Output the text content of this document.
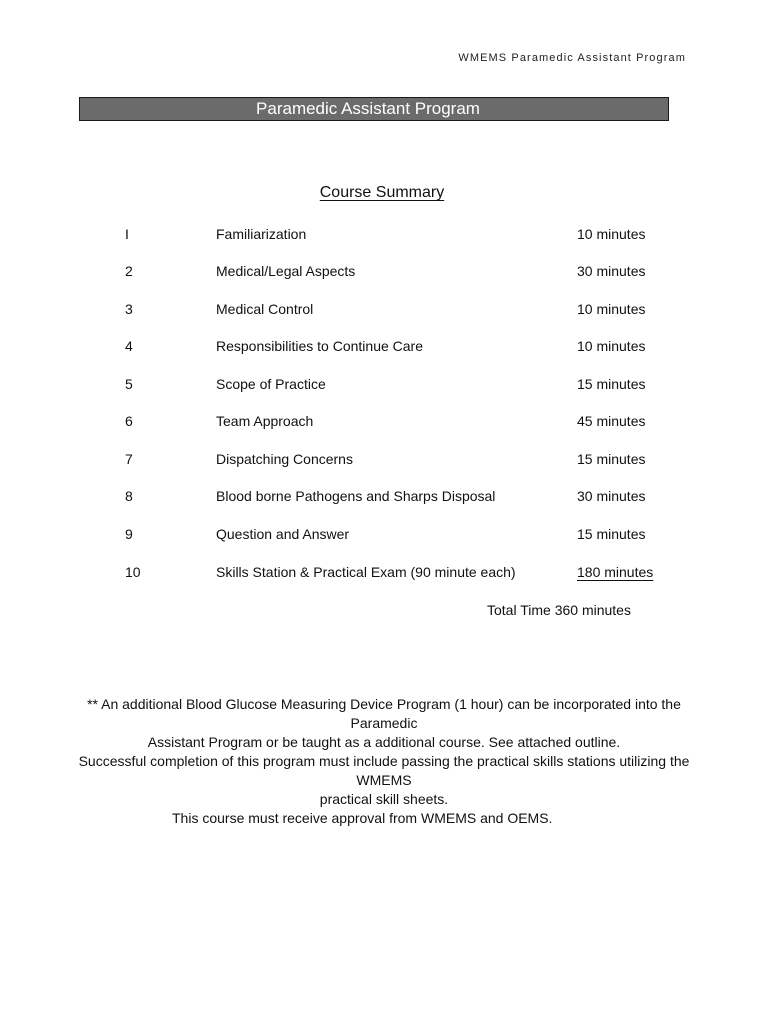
WMEMS Paramedic Assistant Program
Paramedic Assistant Program
Course Summary
I	Familiarization	10 minutes
2	Medical/Legal Aspects	30 minutes
3	Medical Control	10 minutes
4	Responsibilities to Continue Care	10 minutes
5	Scope of Practice	15 minutes
6	Team Approach	45 minutes
7	Dispatching Concerns	15 minutes
8	Blood borne Pathogens and Sharps Disposal	30 minutes
9	Question and Answer	15 minutes
10	Skills Station & Practical Exam (90 minute each)	180 minutes
Total Time 360 minutes
** An additional Blood Glucose Measuring Device Program (1 hour) can be incorporated into the Paramedic
Assistant Program or be taught as a additional course. See attached outline.
Successful completion of this program must include passing the practical skills stations utilizing the WMEMS
practical skill sheets.
This course must receive approval from WMEMS and OEMS.
